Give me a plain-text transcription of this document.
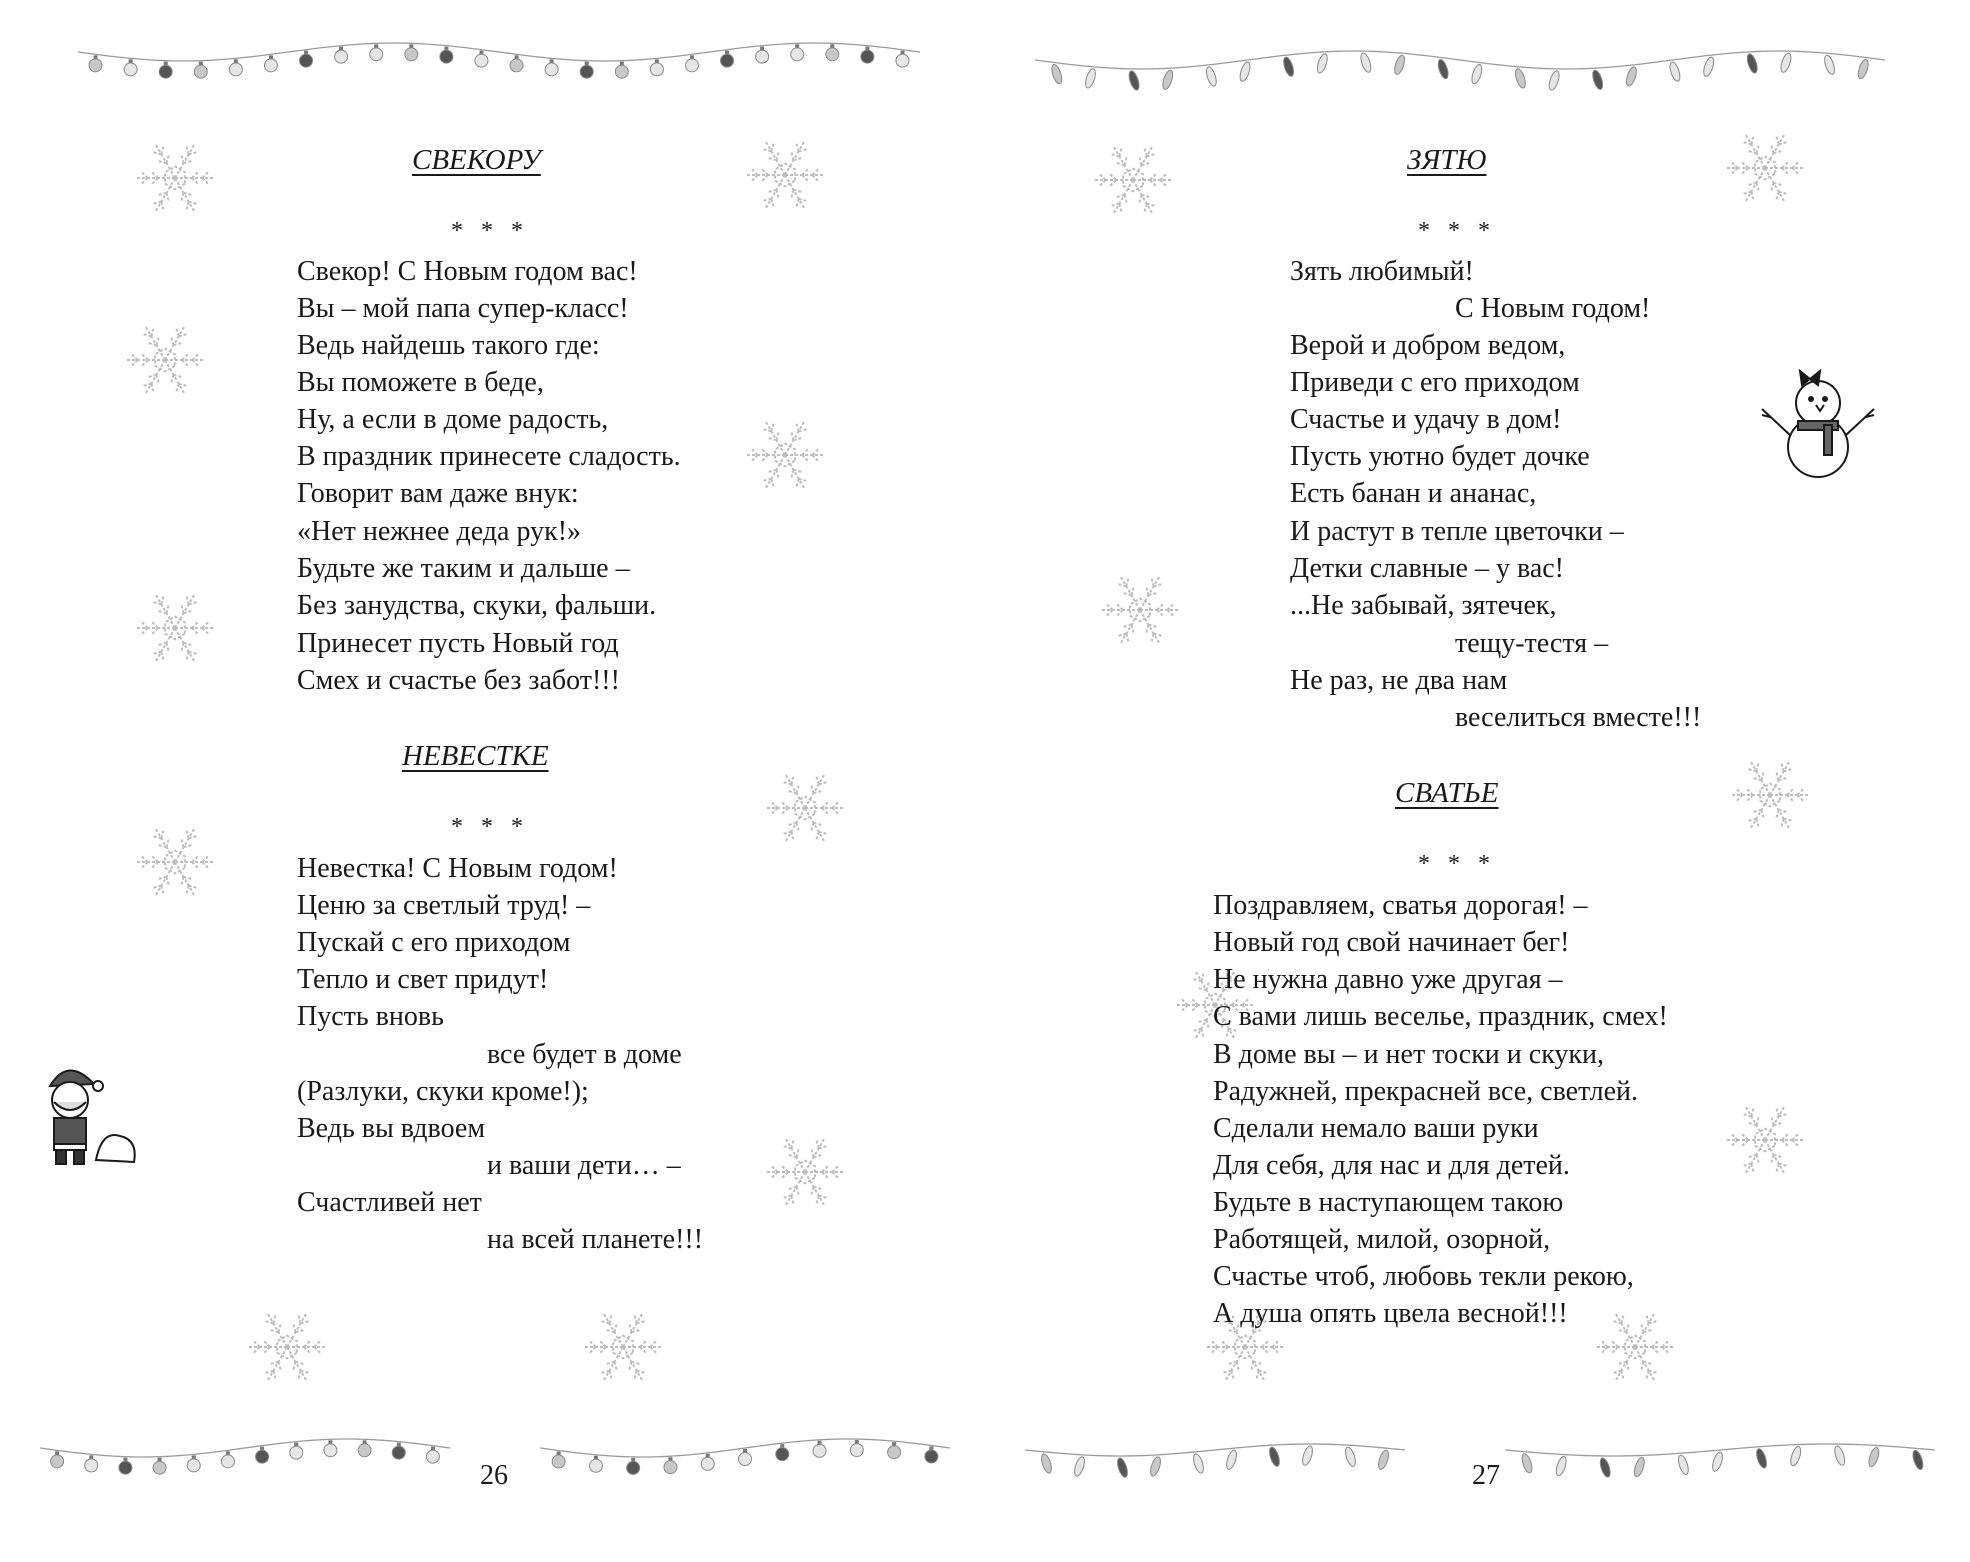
СВЕКОРУ
* * *
Свекор! С Новым годом вас!
Вы – мой папа супер-класс!
Ведь найдешь такого где:
Вы поможете в беде,
Ну, а если в доме радость,
В праздник принесете сладость.
Говорит вам даже внук:
«Нет нежнее деда рук!»
Будьте же таким и дальше –
Без занудства, скуки, фальши.
Принесет пусть Новый год
Смех и счастье без забот!!!
НЕВЕСТКЕ
* * *
Невестка! С Новым годом!
Ценю за светлый труд! –
Пускай с его приходом
Тепло и свет придут!
Пусть вновь
все будет в доме
(Разлуки, скуки кроме!);
Ведь вы вдвоем
и ваши дети… –
Счастливей нет
на всей планете!!!
26
ЗЯТЮ
* * *
Зять любимый!
С Новым годом!
Верой и добром ведом,
Приведи с его приходом
Счастье и удачу в дом!
Пусть уютно будет дочке
Есть банан и ананас,
И растут в тепле цветочки –
Детки славные – у вас!
...Не забывай, зятечек,
тещу-тестя –
Не раз, не два нам
веселиться вместе!!!
СВАТЬЕ
* * *
Поздравляем, сватья дорогая! –
Новый год свой начинает бег!
Не нужна давно уже другая –
С вами лишь веселье, праздник, смех!
В доме вы – и нет тоски и скуки,
Радужней, прекрасней все, светлей.
Сделали немало ваши руки
Для себя, для нас и для детей.
Будьте в наступающем такою
Работящей, милой, озорной,
Счастье чтоб, любовь текли рекою,
А душа опять цвела весной!!!
27
